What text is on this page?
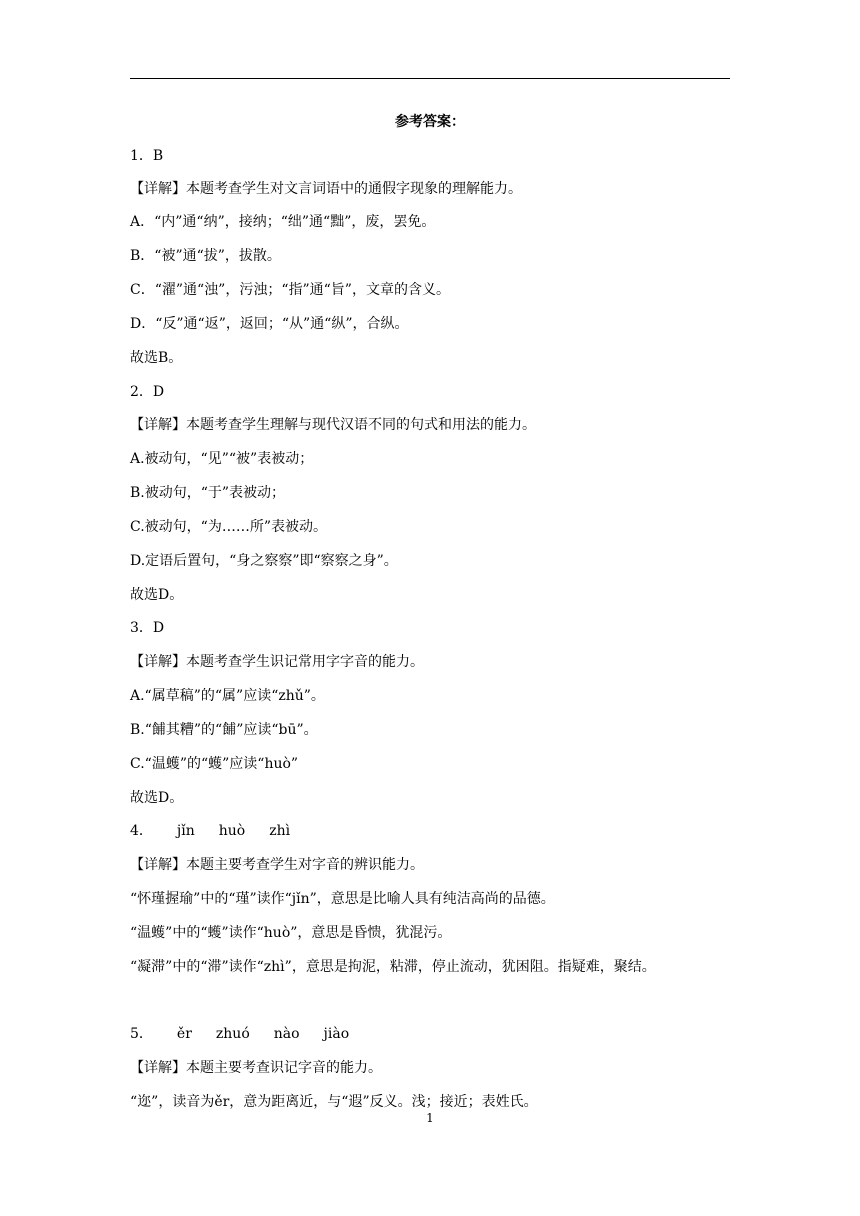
参考答案：
1．B
【详解】本题考查学生对文言词语中的通假字现象的理解能力。
A．“内”通“纳”，接纳；“绌”通“黜”，废，罢免。
B．“被”通“拔”，拔散。
C．“濯”通“浊”，污浊；“指”通“旨”，文章的含义。
D．“反”通“返”，返回；“从”通“纵”，合纵。
故选B。
2．D
【详解】本题考查学生理解与现代汉语不同的句式和用法的能力。
A.被动句，“见”“被”表被动；
B.被动句，“于”表被动；
C.被动句，“为……所”表被动。
D.定语后置句，“身之察察”即“察察之身”。
故选D。
3．D
【详解】本题考查学生识记常用字字音的能力。
A.“属草稿”的“属”应读“zhǔ”。
B.“餔其糟”的“餔”应读“bū”。
C.“温蠖”的“蠖”应读“huò”
故选D。
4． jǐn huò zhì
【详解】本题主要考查学生对字音的辨识能力。
“怀瑾握瑜”中的“瑾”读作“jǐn”，意思是比喻人具有纯洁高尚的品德。
“温蠖”中的“蠖”读作“huò”，意思是昏愦，犹混污。
“凝滞”中的“滞”读作“zhì”，意思是拘泥，粘滞，停止流动，犹困阻。指疑难，聚结。
5． ěr zhuó nào jiào
【详解】本题主要考查识记字音的能力。
“迩”，读音为ěr，意为距离近，与“遐”反义。浅；接近；表姓氏。
1
